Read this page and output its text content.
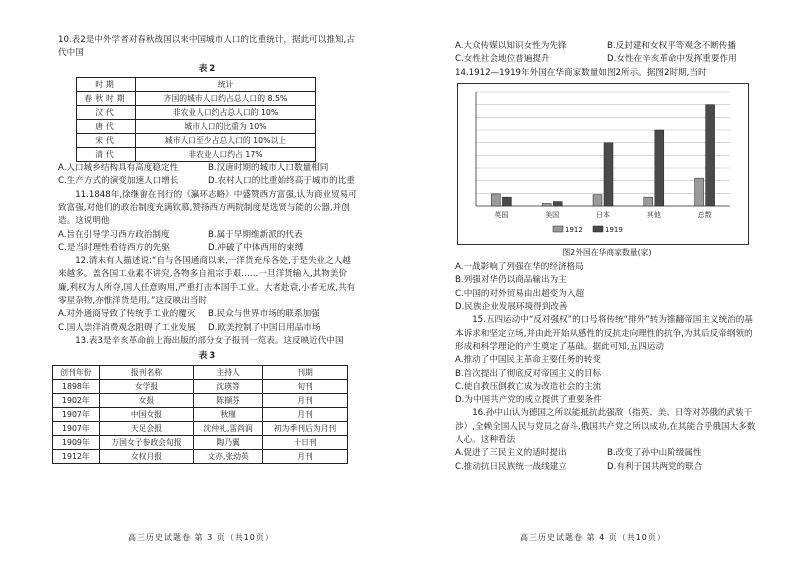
10.表2是中外学者对春秋战国以来中国城市人口的比重统计，据此可以推知,古代中国

表2
时期	统计
春秋时期	齐国的城市人口约占总人口的 8.5%
汉代	非农业人口约占总人口的 10%
唐代	城市人口的比重为 10%
宋代	城市人口至少占总人口的 10%以上
清代	非农业人口约占 17%
A.人口城乡结构具有高度稳定性	B.汉唐时期的城市人口数量相同
C.生产方式的演变加速人口增长	D.农村人口的比重始终高于城市的比重

11.1848年,徐继畬在刊行的《瀛环志略》中盛赞西方富强,认为商业贸易可致富强,对他们的政治制度充满钦慕,赞扬西方两院制度是选贤与能的公器,并创造。这说明他

A.旨在引导学习西方政治制度	B.属于早期维新派的代表
C.是当时理性看待西方的先驱	D.冲破了中体西用的束缚

12.清末有人描述说:“自与各国通商以来,一洋货充斥各处,于是失业之人越来越多。盖各国工业素不讲究,各物多自祖宗手艰……一旦洋货输入,其物美价廉,利权为人所夺,国人任意购用,严重打击本国手工业。大者赴衰,小者无成,共有零星杂物,亦惟洋货是用。”这反映出当时

A.对外通商导致了传统手工业的覆灭	B.民众与世界市场的联系加强
C.国人崇洋消费观念阻碍了工业发展	D.欧美控制了中国日用品市场

13.表3是辛亥革命前上海出版的部分女子报刊一览表。这反映近代中国

表3
创刊年份	报刊名称	主持人	刊期
1898年	女学报	沈瑛等	旬刊
1902年	女报	陈撷芬	月刊
1907年	中国女报	秋瑾	月刊
1907年	天足会报	沈仲礼,雷尚润	初为季刊后为月刊
1909年	万国女子参政会旬报	陶乃翼	十日刊
1912年	女权月报	文亦,张幼英	月刊
高三历史试题卷 第 3 页（共10页）
A.大众传媒以知识女性为先锋	B.反封建和女权平等观念不断传播
C.女性社会地位普遍提升	D.女性在辛亥革命中发挥重要作用

14.1912—1919年外国在华商家数量如图2所示。据图2时期,当时

英国	美国	日本	其他	总数
1912	1919
图2外国在华商家数量(家)
A.一战影响了列强在华的经济格局
B.列强对华仍以商品输出为主
C.中国的对外贸易由出超变为入超
D.民族企业发展环境得到改善

15.五四运动中“反对强权”的口号将传统“排外”转为推翻帝国主义统治的基本诉求和坚定立场,并由此开始从感性的反抗走向理性的抗争,为其后反帝纲领的形成和科学理论的产生奠定了基础。据此可知,五四运动

A.推动了中国民主革命主要任务的转变
B.首次提出了彻底反对帝国主义的目标
C.使自救压倒救亡成为改造社会的主流
D.为中国共产党的成立提供了重要条件

16.孙中山认为德国之所以能抵抗此强敌（指英、美、日等对苏俄的武装干涉）,全赖全国人民与党员之奋斗,俄国共产党之所以成功,在其能合乎俄国大多数人心。这种看法

A.促进了三民主义的适时提出	B.改变了孙中山阶级属性
C.推动抗日民族统一战线建立	D.有利于国共两党的联合
高三历史试题卷 第 4 页（共10页）
